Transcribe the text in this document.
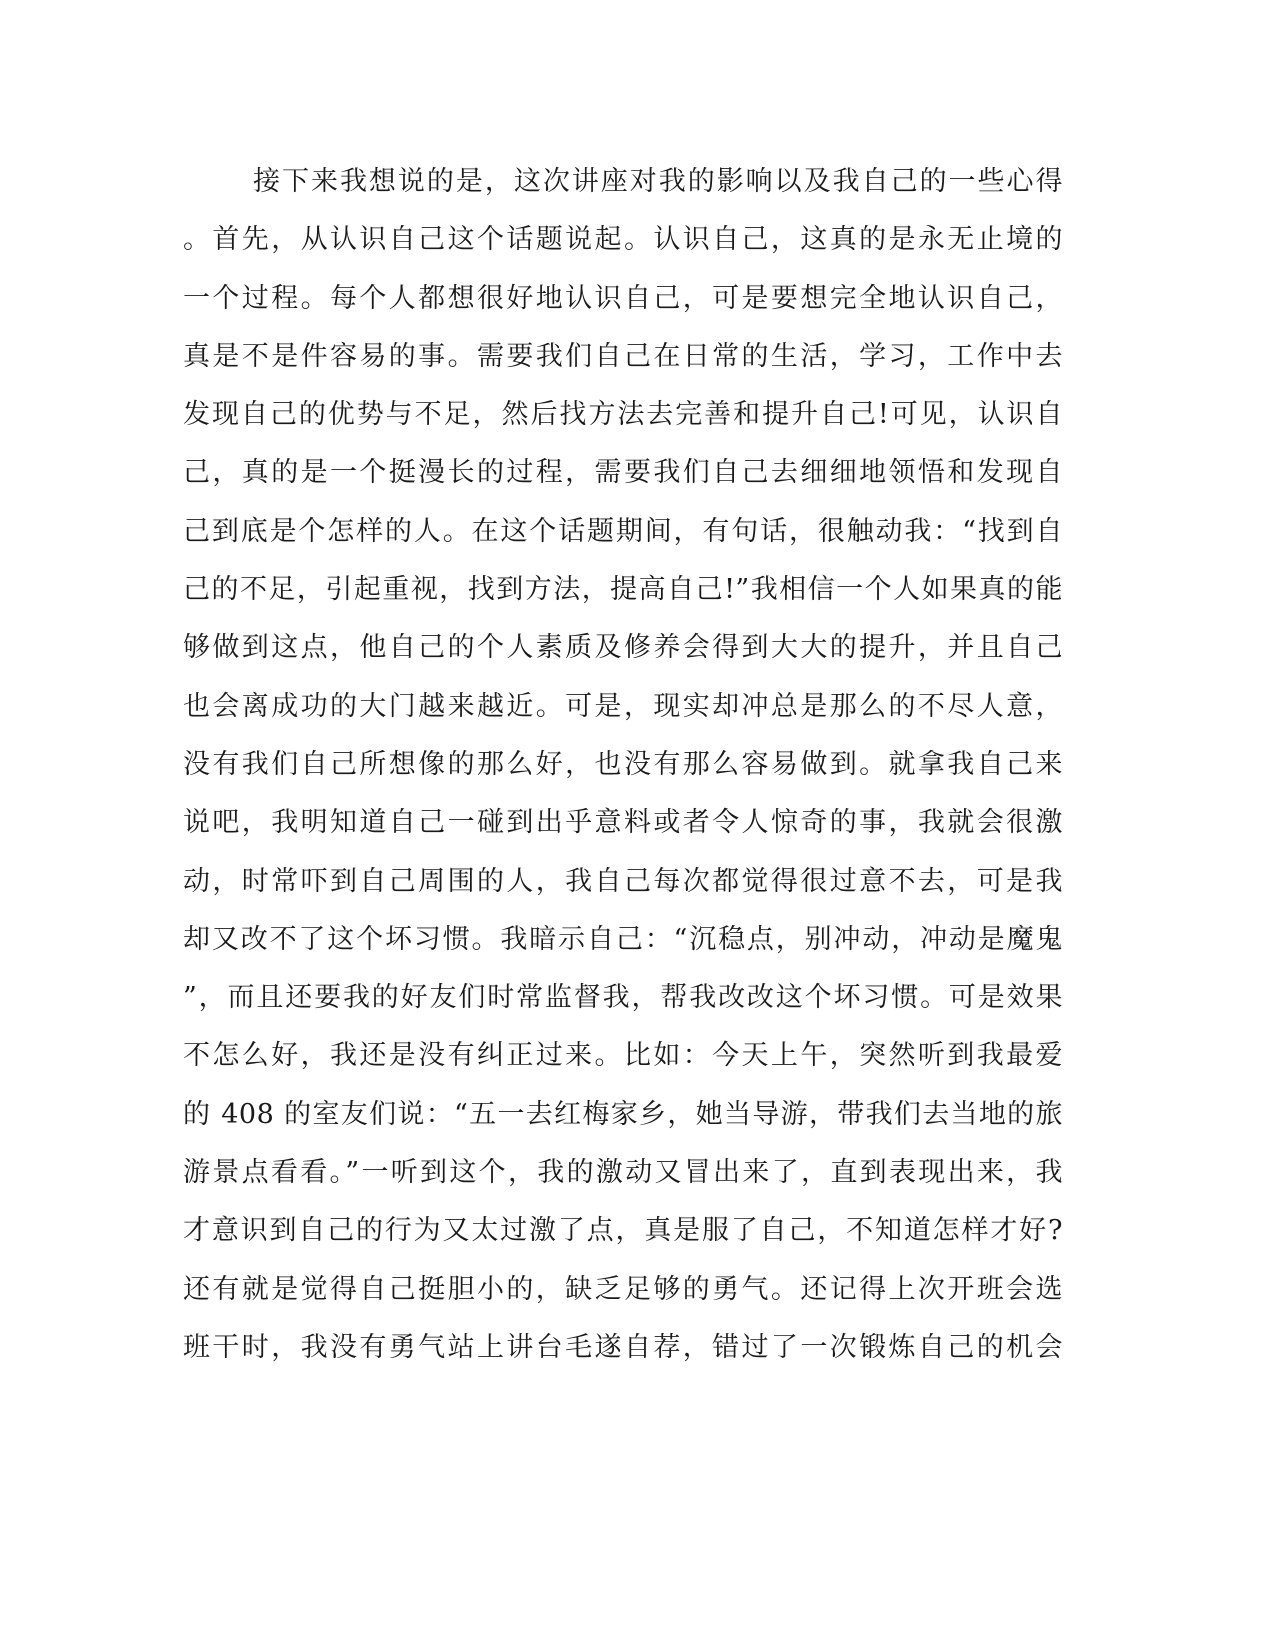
接下来我想说的是，这次讲座对我的影响以及我自己的一些心得
。首先，从认识自己这个话题说起。认识自己，这真的是永无止境的
一个过程。每个人都想很好地认识自己，可是要想完全地认识自己，
真是不是件容易的事。需要我们自己在日常的生活，学习，工作中去
发现自己的优势与不足，然后找方法去完善和提升自己!可见，认识自
己，真的是一个挺漫长的过程，需要我们自己去细细地领悟和发现自
己到底是个怎样的人。在这个话题期间，有句话，很触动我：“找到自
己的不足，引起重视，找到方法，提高自己!”我相信一个人如果真的能
够做到这点，他自己的个人素质及修养会得到大大的提升，并且自己
也会离成功的大门越来越近。可是，现实却冲总是那么的不尽人意，
没有我们自己所想像的那么好，也没有那么容易做到。就拿我自己来
说吧，我明知道自己一碰到出乎意料或者令人惊奇的事，我就会很激
动，时常吓到自己周围的人，我自己每次都觉得很过意不去，可是我
却又改不了这个坏习惯。我暗示自己：“沉稳点，别冲动，冲动是魔鬼
”，而且还要我的好友们时常监督我，帮我改改这个坏习惯。可是效果
不怎么好，我还是没有纠正过来。比如：今天上午，突然听到我最爱
的 408 的室友们说：“五一去红梅家乡，她当导游，带我们去当地的旅
游景点看看。”一听到这个，我的激动又冒出来了，直到表现出来，我
才意识到自己的行为又太过激了点，真是服了自己，不知道怎样才好?
还有就是觉得自己挺胆小的，缺乏足够的勇气。还记得上次开班会选
班干时，我没有勇气站上讲台毛遂自荐，错过了一次锻炼自己的机会
